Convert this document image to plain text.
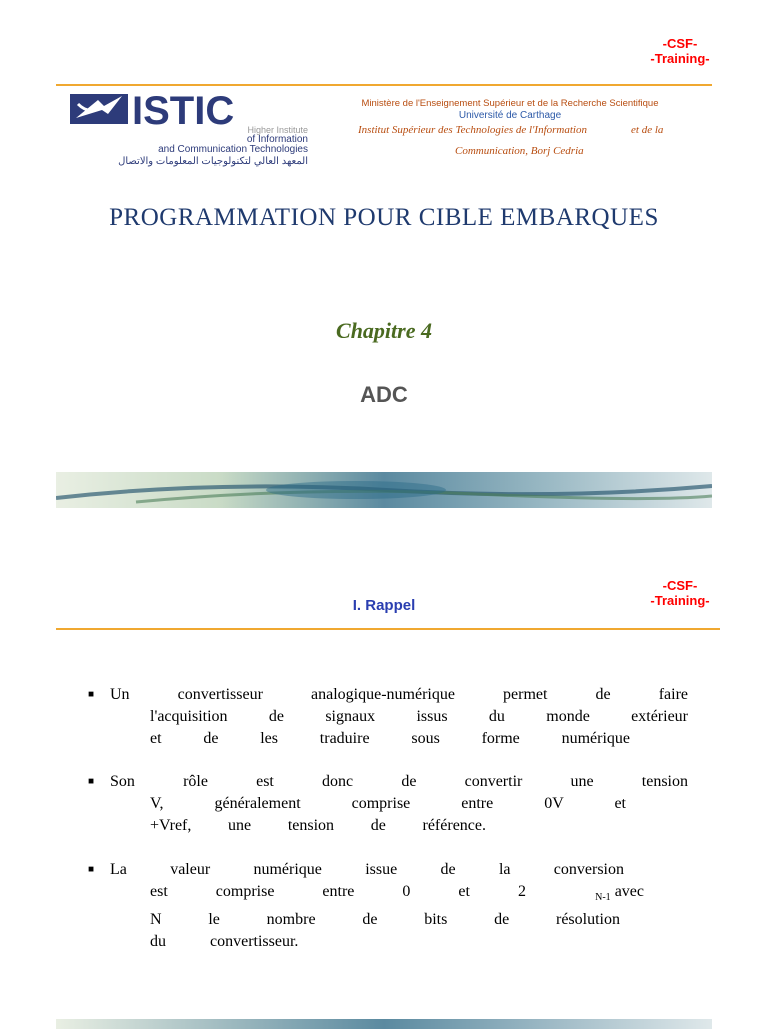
-CSF-
-Training-
ISTIC	Higher Institute
of Information
and Communication Technologies
المعهد العالي لتكنولوجيات المعلومات والاتصال
Ministère de l'Enseignement Supérieur et de la Recherche Scientifique
Université de Carthage
Institut Supérieur des Technologies de l'Information	et de la
Communication, Borj Cedria
PROGRAMMATION POUR CIBLE EMBARQUES
Chapitre 4
ADC
-CSF-
-Training-
I. Rappel
■ Un convertisseur analogique-numérique permet de faire
l'acquisition de signaux issus du monde extérieur
et de les traduire sous forme numérique
■ Son rôle est donc de convertir une tension
V, généralement comprise entre 0V et
+Vref, une tension de référence.
■ La valeur numérique issue de la conversion
est comprise entre 0 et 2	$_{N-1}$ avec
N le nombre de bits de résolution
du convertisseur.
